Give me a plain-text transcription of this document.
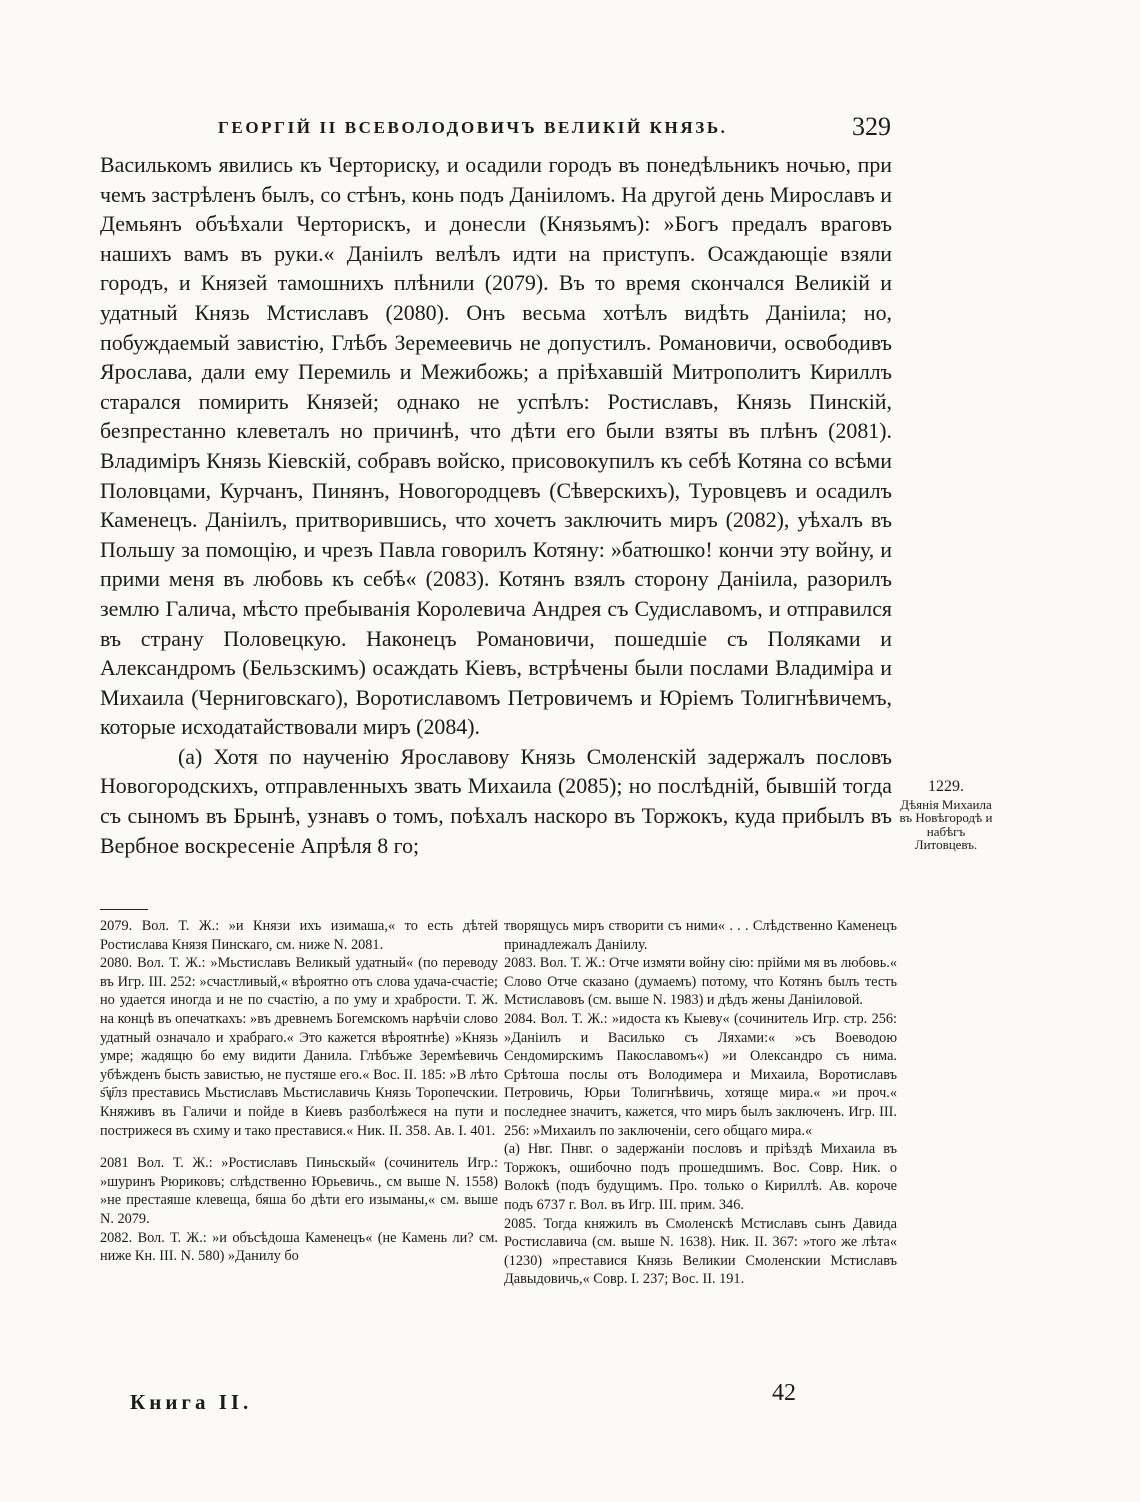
ГЕОРГІЙ II ВСЕВОЛОДОВИЧЪ ВЕЛИКІЙ КНЯЗЬ.	329

Василькомъ явились къ Черториску, и осадили городъ въ понедѣльникъ ночью, при чемъ застрѣленъ былъ, со стѣнъ, конь подъ Даніиломъ. На другой день Мирославъ и Демьянъ объѣхали Черторискъ, и донесли (Князьямъ): »Богъ предалъ враговъ нашихъ вамъ въ руки.« Даніилъ велѣлъ идти на приступъ. Осаждающіе взяли городъ, и Князей тамошнихъ плѣнили (2079). Въ то время скончался Великій и удатный Князь Мстиславъ (2080). Онъ весьма хотѣлъ видѣть Даніила; но, побуждаемый завистію, Глѣбъ Зеремеевичь не допустилъ. Романовичи, освободивъ Ярослава, дали ему Перемиль и Межибожь; а пріѣхавшій Митрополитъ Кириллъ старался помирить Князей; однако не успѣлъ: Ростиславъ, Князь Пинскій, безпрестанно клеветалъ но причинѣ, что дѣти его были взяты въ плѣнъ (2081). Владиміръ Князь Кіевскій, собравъ войско, присовокупилъ къ себѣ Котяна со всѣми Половцами, Курчанъ, Пинянъ, Новогородцевъ (Сѣверскихъ), Туровцевъ и осадилъ Каменецъ. Даніилъ, притворившись, что хочетъ заключить миръ (2082), уѣхалъ въ Польшу за помощію, и чрезъ Павла говорилъ Котяну: »батюшко! кончи эту войну, и прими меня въ любовь къ себѣ« (2083). Котянъ взялъ сторону Даніила, разорилъ землю Галича, мѣсто пребыванія Королевича Андрея съ Судиславомъ, и отправился въ страну Половецкую. Наконецъ Романовичи, пошедшіе съ Поляками и Александромъ (Бельзскимъ) осаждать Кіевъ, встрѣчены были послами Владиміра и Михаила (Черниговскаго), Воротиславомъ Петровичемъ и Юріемъ Толигнѣвичемъ, которые исходатайствовали миръ (2084).

(а) Хотя по наученію Ярославову Князь Смоленскій задержалъ пословъ Новогородскихъ, отправленныхъ звать Михаила (2085); но послѣдній, бывшій тогда съ сыномъ въ Брынѣ, узнавъ о томъ, поѣхалъ наскоро въ Торжокъ, куда прибылъ въ Вербное воскресеніе Апрѣля 8 го;

1229.
Дѣянія Михаила въ Новѣгородѣ и набѣгъ Литовцевъ.

2079. Вол. Т. Ж.: »и Князи ихъ изимаша,« то есть дѣтей Ростислава Князя Пинскаго, см. ниже N. 2081.

2080. Вол. Т. Ж.: »Мьстиславъ Великый удатный« (по переводу въ Игр. III. 252: »счастливый,« вѣроятно отъ слова удача-счастіе; но удается иногда и не по счастію, а по уму и храбрости. Т. Ж. на концѣ въ опечаткахъ: »въ древнемъ Богемскомъ нарѣчіи слово удатный означало и храбраго.« Это кажется вѣроятнѣе) »Князь умре; жадящю бо ему видити Данила. Глѣбъже Зеремѣевичь убѣжденъ бысть завистью, не пустяше его.« Вос. II. 185: »В лѣто ѕ҃ѱ҃лз преставись Мьстиславъ Мьстиславичь Князь Торопечскии. Княживъ въ Галичи и пойде в Киевъ разболѣжеся на пути и пострижеся въ схиму и тако преставися.« Ник. II. 358. Ав. I. 401.

2081 Вол. Т. Ж.: »Ростиславъ Пиньскый« (сочинитель Игр.: »шуринъ Рюриковъ; слѣдственно Юрьевичь., см выше N. 1558) »не престаяше клевеща, бяша бо дѣти его изыманы,« см. выше N. 2079.

2082. Вол. Т. Ж.: »и объсѣдоша Каменецъ« (не Камень ли? см. ниже Кн. III. N. 580) »Данилу бо

творящусь миръ створити съ ними« . . . Слѣдственно Каменецъ принадлежалъ Даніилу.

2083. Вол. Т. Ж.: Отче измяти войну сію: прійми мя въ любовь.« Слово Отче сказано (думаемъ) потому, что Котянъ былъ тесть Мстиславовъ (см. выше N. 1983) и дѣдъ жены Даніиловой.

2084. Вол. Т. Ж.: »идоста къ Кыеву« (сочинитель Игр. стр. 256: »Даніилъ и Василько съ Ляхами:« »съ Воеводою Сендомирскимъ Пакославомъ«) »и Олександро съ нима. Срѣтоша послы отъ Володимера и Михаила, Воротиславъ Петровичь, Юрьи Толигнѣвичь, хотяще мира.« »и проч.« последнее значитъ, кажется, что миръ былъ заключенъ. Игр. III. 256: »Михаилъ по заключеніи, сего общаго мира.«

(а) Нвг. Пнвг. о задержаніи пословъ и пріѣздѣ Михаила въ Торжокъ, ошибочно подъ прошедшимъ. Вос. Совр. Ник. о Волокѣ (подъ будущимъ. Про. только о Кириллѣ. Ав. короче подъ 6737 г. Вол. въ Игр. III. прим. 346.

2085. Тогда княжилъ въ Смоленскѣ Мстиславъ сынъ Давида Ростиславича (см. выше N. 1638). Ник. II. 367: »того же лѣта« (1230) »преставися Князь Великии Смоленскии Мстиславъ Давыдовичь,« Совр. I. 237; Вос. II. 191.

Книга II.	42
